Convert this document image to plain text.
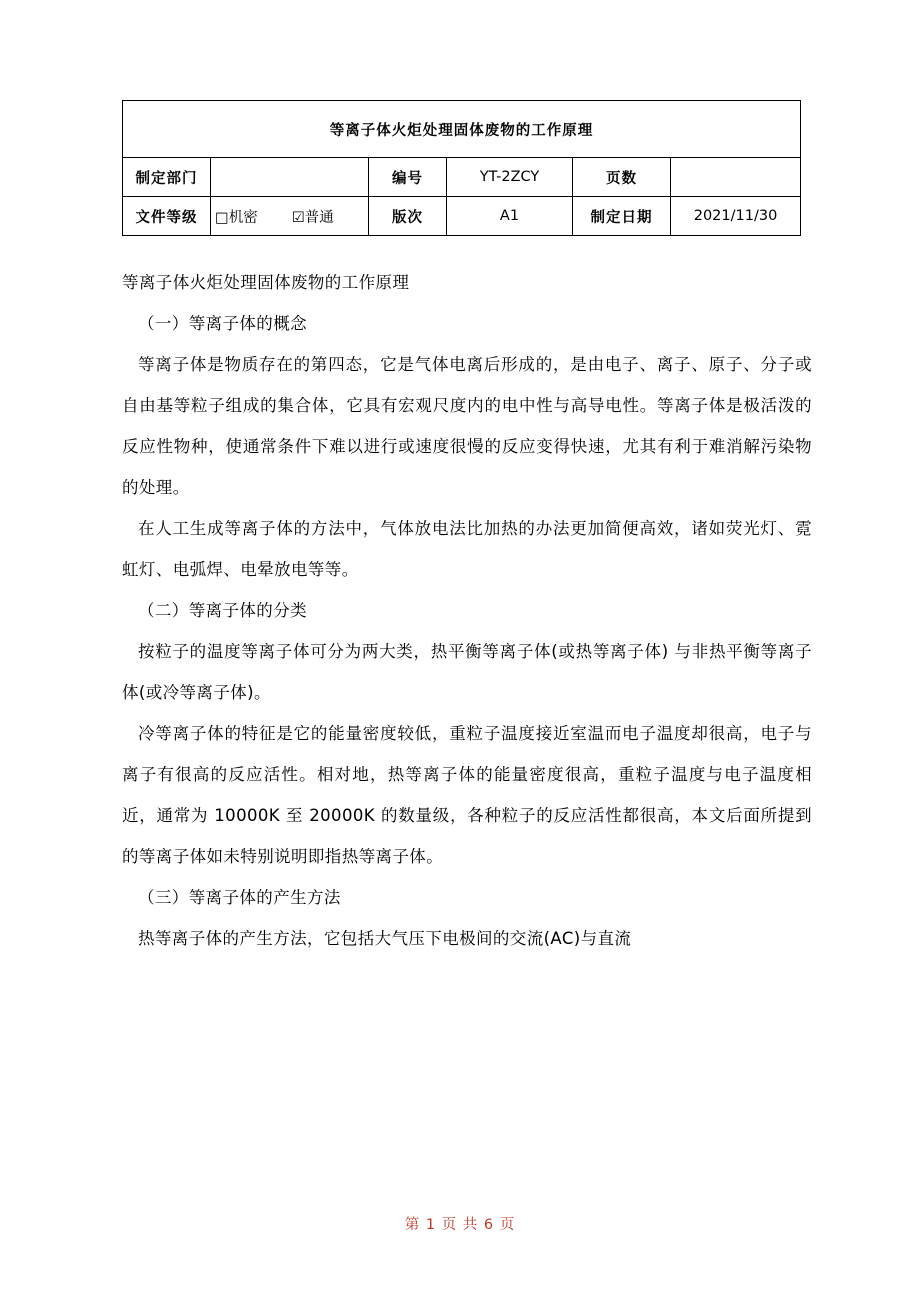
等离子体火炬处理固体废物的工作原理					
制定部门		编号	YT-2ZCY	页数	
文件等级	□机密 ☑普通	版次	A1	制定日期	2021/11/30

等离子体火炬处理固体废物的工作原理

（一）等离子体的概念

等离子体是物质存在的第四态，它是气体电离后形成的，是由电子、离子、原子、分子或自由基等粒子组成的集合体，它具有宏观尺度内的电中性与高导电性。等离子体是极活泼的反应性物种，使通常条件下难以进行或速度很慢的反应变得快速，尤其有利于难消解污染物的处理。

在人工生成等离子体的方法中，气体放电法比加热的办法更加简便高效，诸如荧光灯、霓虹灯、电弧焊、电晕放电等等。

（二）等离子体的分类

按粒子的温度等离子体可分为两大类，热平衡等离子体(或热等离子体) 与非热平衡等离子体(或冷等离子体)。

冷等离子体的特征是它的能量密度较低，重粒子温度接近室温而电子温度却很高，电子与离子有很高的反应活性。相对地，热等离子体的能量密度很高，重粒子温度与电子温度相近，通常为 10000K 至 20000K 的数量级，各种粒子的反应活性都很高，本文后面所提到的等离子体如未特别说明即指热等离子体。

（三）等离子体的产生方法

热等离子体的产生方法，它包括大气压下电极间的交流(AC)与直流

第 1 页 共 6 页
